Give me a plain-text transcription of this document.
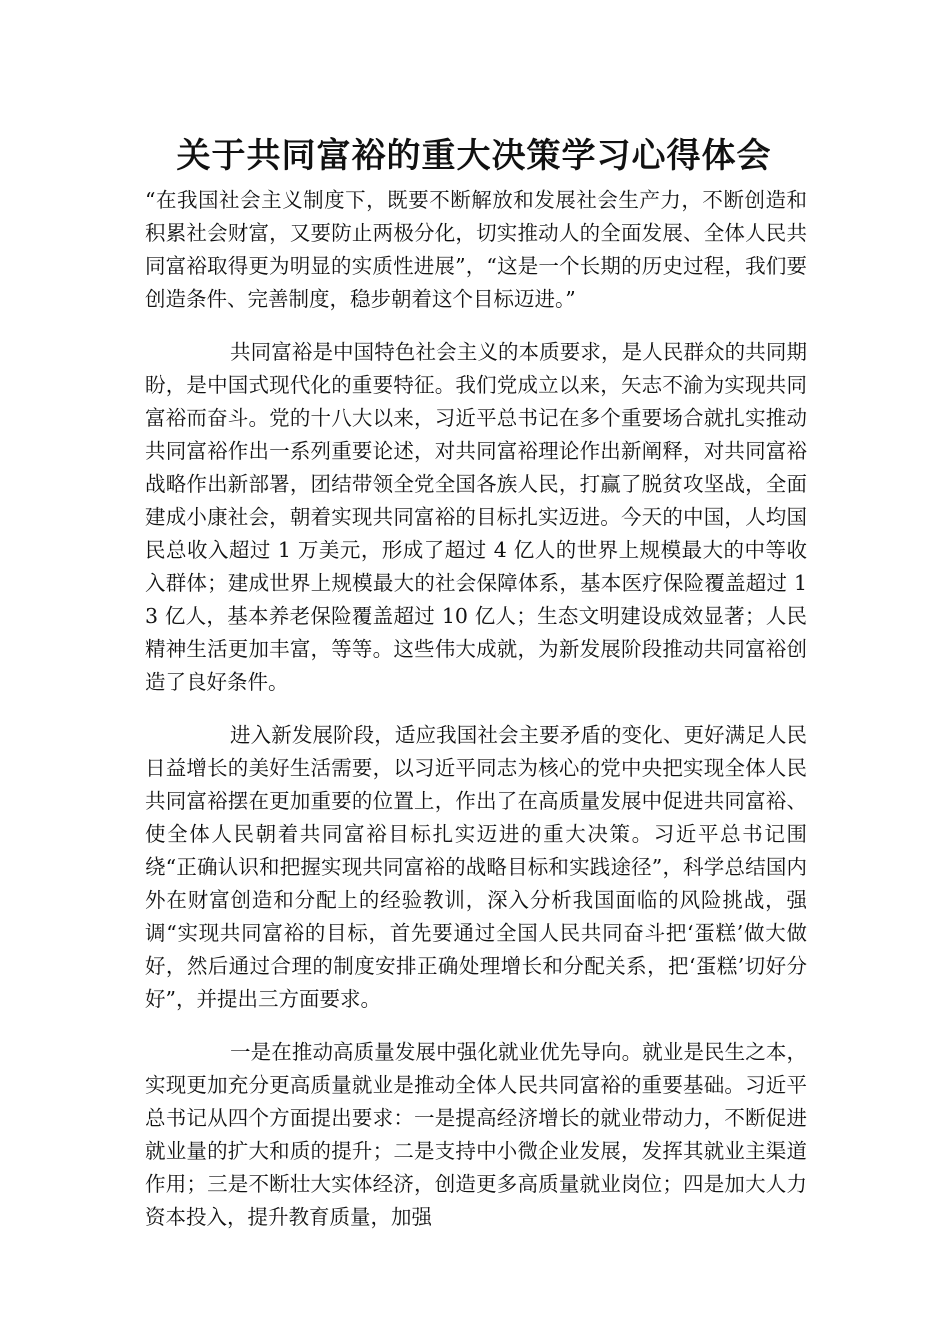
关于共同富裕的重大决策学习心得体会

“在我国社会主义制度下，既要不断解放和发展社会生产力，不断创造和积累社会财富，又要防止两极分化，切实推动人的全面发展、全体人民共同富裕取得更为明显的实质性进展”，“这是一个长期的历史过程，我们要创造条件、完善制度，稳步朝着这个目标迈进。”

共同富裕是中国特色社会主义的本质要求，是人民群众的共同期盼，是中国式现代化的重要特征。我们党成立以来，矢志不渝为实现共同富裕而奋斗。党的十八大以来，习近平总书记在多个重要场合就扎实推动共同富裕作出一系列重要论述，对共同富裕理论作出新阐释，对共同富裕战略作出新部署，团结带领全党全国各族人民，打赢了脱贫攻坚战，全面建成小康社会，朝着实现共同富裕的目标扎实迈进。今天的中国，人均国民总收入超过 1 万美元，形成了超过 4 亿人的世界上规模最大的中等收入群体；建成世界上规模最大的社会保障体系，基本医疗保险覆盖超过 13 亿人，基本养老保险覆盖超过 10 亿人；生态文明建设成效显著；人民精神生活更加丰富，等等。这些伟大成就，为新发展阶段推动共同富裕创造了良好条件。

进入新发展阶段，适应我国社会主要矛盾的变化、更好满足人民日益增长的美好生活需要，以习近平同志为核心的党中央把实现全体人民共同富裕摆在更加重要的位置上，作出了在高质量发展中促进共同富裕、使全体人民朝着共同富裕目标扎实迈进的重大决策。习近平总书记围绕“正确认识和把握实现共同富裕的战略目标和实践途径”，科学总结国内外在财富创造和分配上的经验教训，深入分析我国面临的风险挑战，强调“实现共同富裕的目标，首先要通过全国人民共同奋斗把‘蛋糕’做大做好，然后通过合理的制度安排正确处理增长和分配关系，把‘蛋糕’切好分好”，并提出三方面要求。

一是在推动高质量发展中强化就业优先导向。就业是民生之本，实现更加充分更高质量就业是推动全体人民共同富裕的重要基础。习近平总书记从四个方面提出要求：一是提高经济增长的就业带动力，不断促进就业量的扩大和质的提升；二是支持中小微企业发展，发挥其就业主渠道作用；三是不断壮大实体经济，创造更多高质量就业岗位；四是加大人力资本投入，提升教育质量，加强
